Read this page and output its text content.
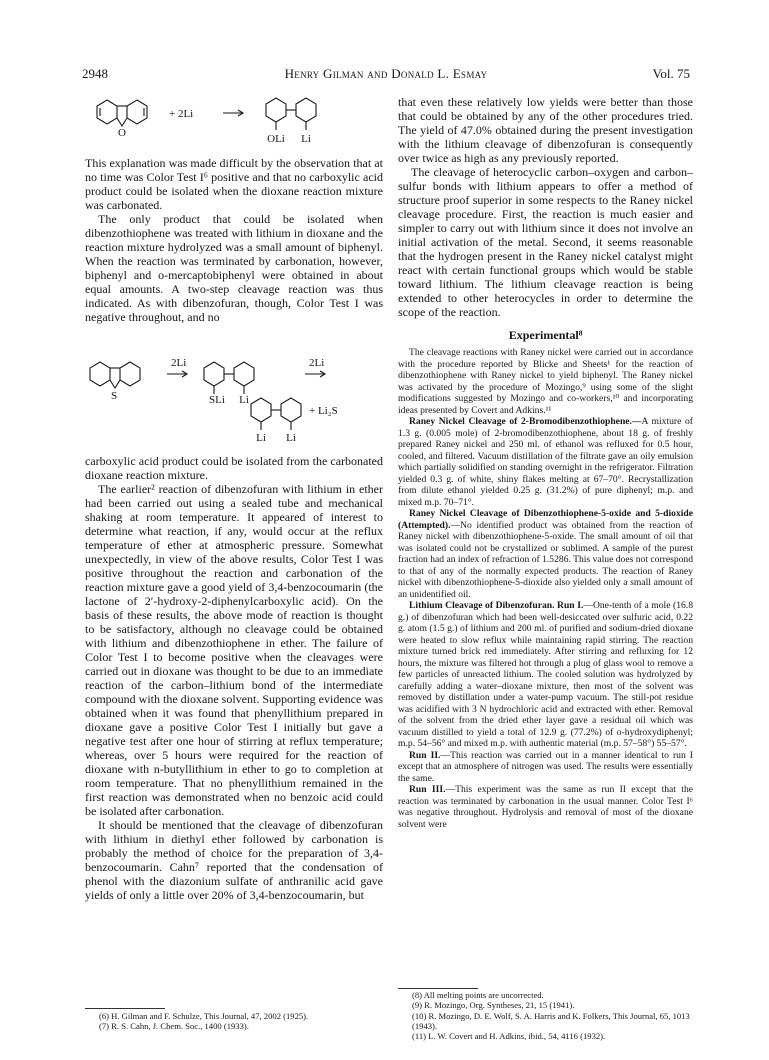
2948	Henry Gilman and Donald L. Esmay	Vol. 75
O
+ 2Li
OLi Li

This explanation was made difficult by the observation that at no time was Color Test I⁶ positive and that no carboxylic acid product could be isolated when the dioxane reaction mixture was carbonated.

The only product that could be isolated when dibenzothiophene was treated with lithium in dioxane and the reaction mixture hydrolyzed was a small amount of biphenyl. When the reaction was terminated by carbonation, however, biphenyl and o-mercaptobiphenyl were obtained in about equal amounts. A two-step cleavage reaction was thus indicated. As with dibenzofuran, though, Color Test I was negative throughout, and no

S
2Li	2Li
SLi Li
Li Li
+ Li₂S

carboxylic acid product could be isolated from the carbonated dioxane reaction mixture.

The earlier² reaction of dibenzofuran with lithium in ether had been carried out using a sealed tube and mechanical shaking at room temperature. It appeared of interest to determine what reaction, if any, would occur at the reflux temperature of ether at atmospheric pressure. Somewhat unexpectedly, in view of the above results, Color Test I was positive throughout the reaction and carbonation of the reaction mixture gave a good yield of 3,4-benzocoumarin (the lactone of 2′-hydroxy-2-diphenylcarboxylic acid). On the basis of these results, the above mode of reaction is thought to be satisfactory, although no cleavage could be obtained with lithium and dibenzothiophene in ether. The failure of Color Test I to become positive when the cleavages were carried out in dioxane was thought to be due to an immediate reaction of the carbon–lithium bond of the intermediate compound with the dioxane solvent. Supporting evidence was obtained when it was found that phenyllithium prepared in dioxane gave a positive Color Test I initially but gave a negative test after one hour of stirring at reflux temperature; whereas, over 5 hours were required for the reaction of dioxane with n-butyllithium in ether to go to completion at room temperature. That no phenyllithium remained in the first reaction was demonstrated when no benzoic acid could be isolated after carbonation.

It should be mentioned that the cleavage of dibenzofuran with lithium in diethyl ether followed by carbonation is probably the method of choice for the preparation of 3,4-benzocoumarin. Cahn⁷ reported that the condensation of phenol with the diazonium sulfate of anthranilic acid gave yields of only a little over 20% of 3,4-benzocoumarin, but

(6) H. Gilman and F. Schulze, This Journal, 47, 2002 (1925).

(7) R. S. Cahn, J. Chem. Soc., 1400 (1933).

that even these relatively low yields were better than those that could be obtained by any of the other procedures tried. The yield of 47.0% obtained during the present investigation with the lithium cleavage of dibenzofuran is consequently over twice as high as any previously reported.

The cleavage of heterocyclic carbon–oxygen and carbon–sulfur bonds with lithium appears to offer a method of structure proof superior in some respects to the Raney nickel cleavage procedure. First, the reaction is much easier and simpler to carry out with lithium since it does not involve an initial activation of the metal. Second, it seems reasonable that the hydrogen present in the Raney nickel catalyst might react with certain functional groups which would be stable toward lithium. The lithium cleavage reaction is being extended to other heterocycles in order to determine the scope of the reaction.

Experimental⁸

The cleavage reactions with Raney nickel were carried out in accordance with the procedure reported by Blicke and Sheets¹ for the reaction of dibenzothiophene with Raney nickel to yield biphenyl. The Raney nickel was activated by the procedure of Mozingo,⁹ using some of the slight modifications suggested by Mozingo and co-workers,¹⁰ and incorporating ideas presented by Covert and Adkins.¹¹

Raney Nickel Cleavage of 2-Bromodibenzothiophene.—A mixture of 1.3 g. (0.005 mole) of 2-bromodibenzothiophene, about 18 g. of freshly prepared Raney nickel and 250 ml. of ethanol was refluxed for 0.5 hour, cooled, and filtered. Vacuum distillation of the filtrate gave an oily emulsion which partially solidified on standing overnight in the refrigerator. Filtration yielded 0.3 g. of white, shiny flakes melting at 67–70°. Recrystallization from dilute ethanol yielded 0.25 g. (31.2%) of pure diphenyl; m.p. and mixed m.p. 70–71°.

Raney Nickel Cleavage of Dibenzothiophene-5-oxide and 5-dioxide (Attempted).—No identified product was obtained from the reaction of Raney nickel with dibenzothiophene-5-oxide. The small amount of oil that was isolated could not be crystallized or sublimed. A sample of the purest fraction had an index of refraction of 1.5286. This value does not correspond to that of any of the normally expected products. The reaction of Raney nickel with dibenzothiophene-5-dioxide also yielded only a small amount of an unidentified oil.

Lithium Cleavage of Dibenzofuran. Run I.—One-tenth of a mole (16.8 g.) of dibenzofuran which had been well-desiccated over sulfuric acid, 0.22 g. atom (1.5 g.) of lithium and 200 ml. of purified and sodium-dried dioxane were heated to slow reflux while maintaining rapid stirring. The reaction mixture turned brick red immediately. After stirring and refluxing for 12 hours, the mixture was filtered hot through a plug of glass wool to remove a few particles of unreacted lithium. The cooled solution was hydrolyzed by carefully adding a water–dioxane mixture, then most of the solvent was removed by distillation under a water-pump vacuum. The still-pot residue was acidified with 3 N hydrochloric acid and extracted with ether. Removal of the solvent from the dried ether layer gave a residual oil which was vacuum distilled to yield a total of 12.9 g. (77.2%) of o-hydroxydiphenyl; m.p. 54–56° and mixed m.p. with authentic material (m.p. 57–58°) 55–57°.

Run II.—This reaction was carried out in a manner identical to run I except that an atmosphere of nitrogen was used. The results were essentially the same.

Run III.—This experiment was the same as run II except that the reaction was terminated by carbonation in the usual manner. Color Test I⁶ was negative throughout. Hydrolysis and removal of most of the dioxane solvent were

(8) All melting points are uncorrected.

(9) R. Mozingo, Org. Syntheses, 21, 15 (1941).

(10) R. Mozingo, D. E. Wolf, S. A. Harris and K. Folkers, This Journal, 65, 1013 (1943).

(11) L. W. Covert and H. Adkins, ibid., 54, 4116 (1932).
